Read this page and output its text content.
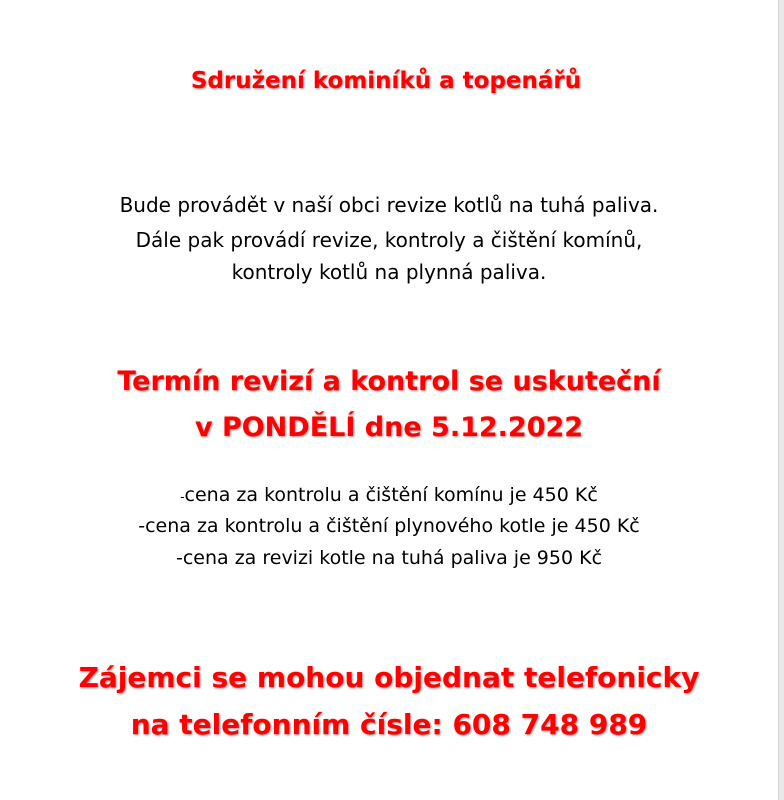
Sdružení kominíků a topenářů
Bude provádět v naší obci revize kotlů na tuhá paliva.
Dále pak provádí revize, kontroly a čištění komínů,
kontroly kotlů na plynná paliva.
Termín revizí a kontrol se uskuteční
v PONDĚLÍ dne 5.12.2022
-cena za kontrolu a čištění komínu je 450 Kč
-cena za kontrolu a čištění plynového kotle je 450 Kč
-cena za revizi kotle na tuhá paliva je 950 Kč
Zájemci se mohou objednat telefonicky
na telefonním čísle: 608 748 989
